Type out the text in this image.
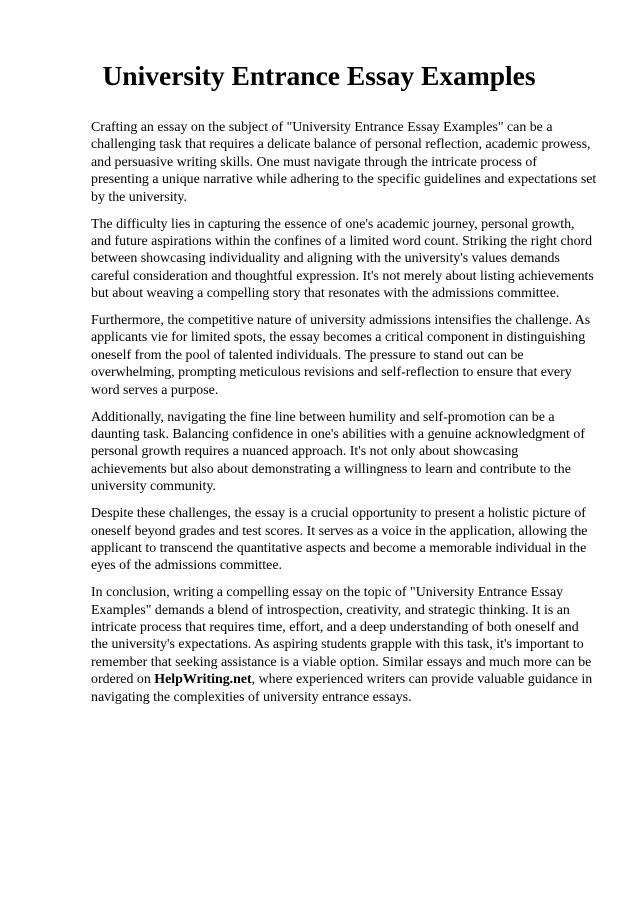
University Entrance Essay Examples

Crafting an essay on the subject of "University Entrance Essay Examples" can be a challenging task that requires a delicate balance of personal reflection, academic prowess, and persuasive writing skills. One must navigate through the intricate process of presenting a unique narrative while adhering to the specific guidelines and expectations set by the university.

The difficulty lies in capturing the essence of one's academic journey, personal growth, and future aspirations within the confines of a limited word count. Striking the right chord between showcasing individuality and aligning with the university's values demands careful consideration and thoughtful expression. It's not merely about listing achievements but about weaving a compelling story that resonates with the admissions committee.

Furthermore, the competitive nature of university admissions intensifies the challenge. As applicants vie for limited spots, the essay becomes a critical component in distinguishing oneself from the pool of talented individuals. The pressure to stand out can be overwhelming, prompting meticulous revisions and self-reflection to ensure that every word serves a purpose.

Additionally, navigating the fine line between humility and self-promotion can be a daunting task. Balancing confidence in one's abilities with a genuine acknowledgment of personal growth requires a nuanced approach. It's not only about showcasing achievements but also about demonstrating a willingness to learn and contribute to the university community.

Despite these challenges, the essay is a crucial opportunity to present a holistic picture of oneself beyond grades and test scores. It serves as a voice in the application, allowing the applicant to transcend the quantitative aspects and become a memorable individual in the eyes of the admissions committee.

In conclusion, writing a compelling essay on the topic of "University Entrance Essay Examples" demands a blend of introspection, creativity, and strategic thinking. It is an intricate process that requires time, effort, and a deep understanding of both oneself and the university's expectations. As aspiring students grapple with this task, it's important to remember that seeking assistance is a viable option. Similar essays and much more can be ordered on HelpWriting.net, where experienced writers can provide valuable guidance in navigating the complexities of university entrance essays.
